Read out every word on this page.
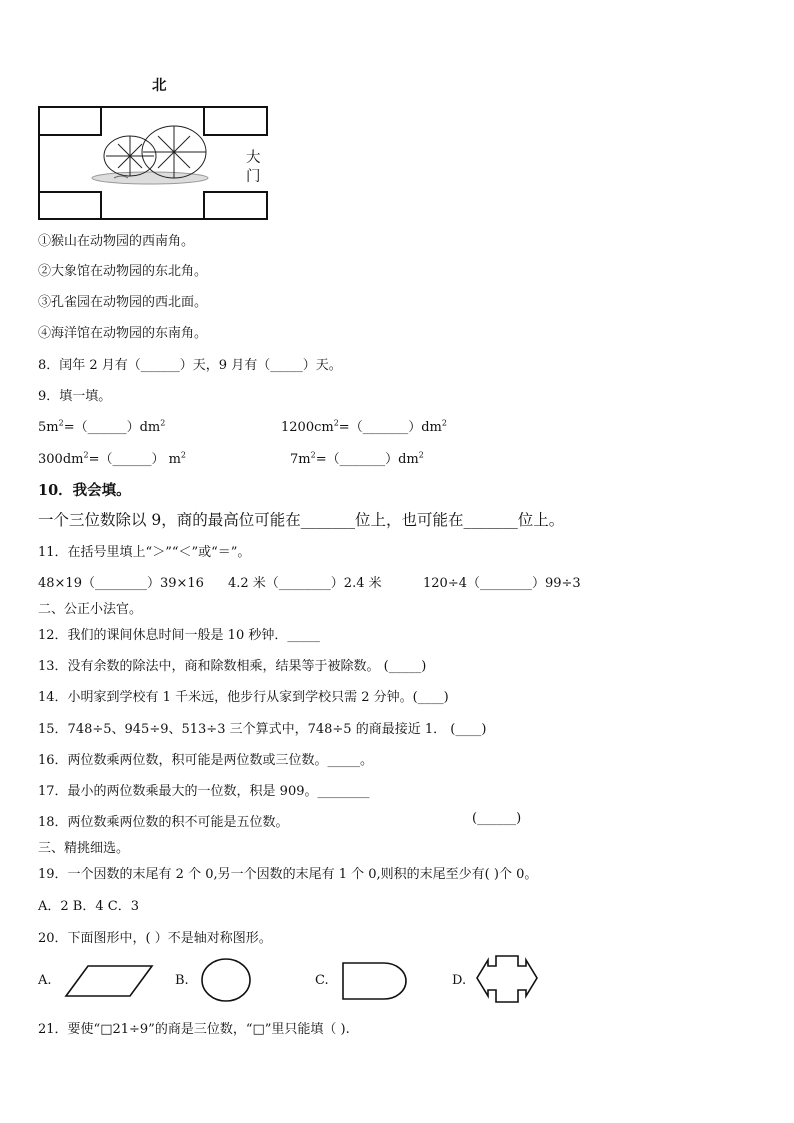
北
大
门
①猴山在动物园的西南角。
②大象馆在动物园的东北角。
③孔雀园在动物园的西北面。
④海洋馆在动物园的东南角。
8．闰年 2 月有（______）天，9 月有（_____）天。
9．填一填。
$5m^2=(\_\_\_\_\_\_)dm^2$	$1200cm^2=(\_\_\_\_\_\_\_)dm^2$
$300dm^2=(\_\_\_\_\_\_)$ $m^2$	$7m^2=(\_\_\_\_\_\_\_)dm^2$
10．我会填。
一个三位数除以 9，商的最高位可能在_______位上，也可能在_______位上。
11．在括号里填上“＞”“＜”或“＝”。
48×19（________）39×16 4.2 米（________）2.4 米	120÷4（________）99÷3
二、公正小法官。
12．我们的课间休息时间一般是 10 秒钟．_____
13．没有余数的除法中，商和除数相乘，结果等于被除数。 (_____)
14．小明家到学校有 1 千米远，他步行从家到学校只需 2 分钟。(____)
15．748÷5、945÷9、513÷3 三个算式中，748÷5 的商最接近 1． (____)
16．两位数乘两位数，积可能是两位数或三位数。_____。
17．最小的两位数乘最大的一位数，积是 909。________
18．两位数乘两位数的积不可能是五位数。	(______)
三、精挑细选。
19．一个因数的末尾有 2 个 0,另一个因数的末尾有 1 个 0,则积的末尾至少有( )个 0。
A．2 B．4 C．3
20．下面图形中，( ）不是轴对称图形。
A.	B.	C.	D.
21．要使“□21÷9”的商是三位数，“□”里只能填（ ).
